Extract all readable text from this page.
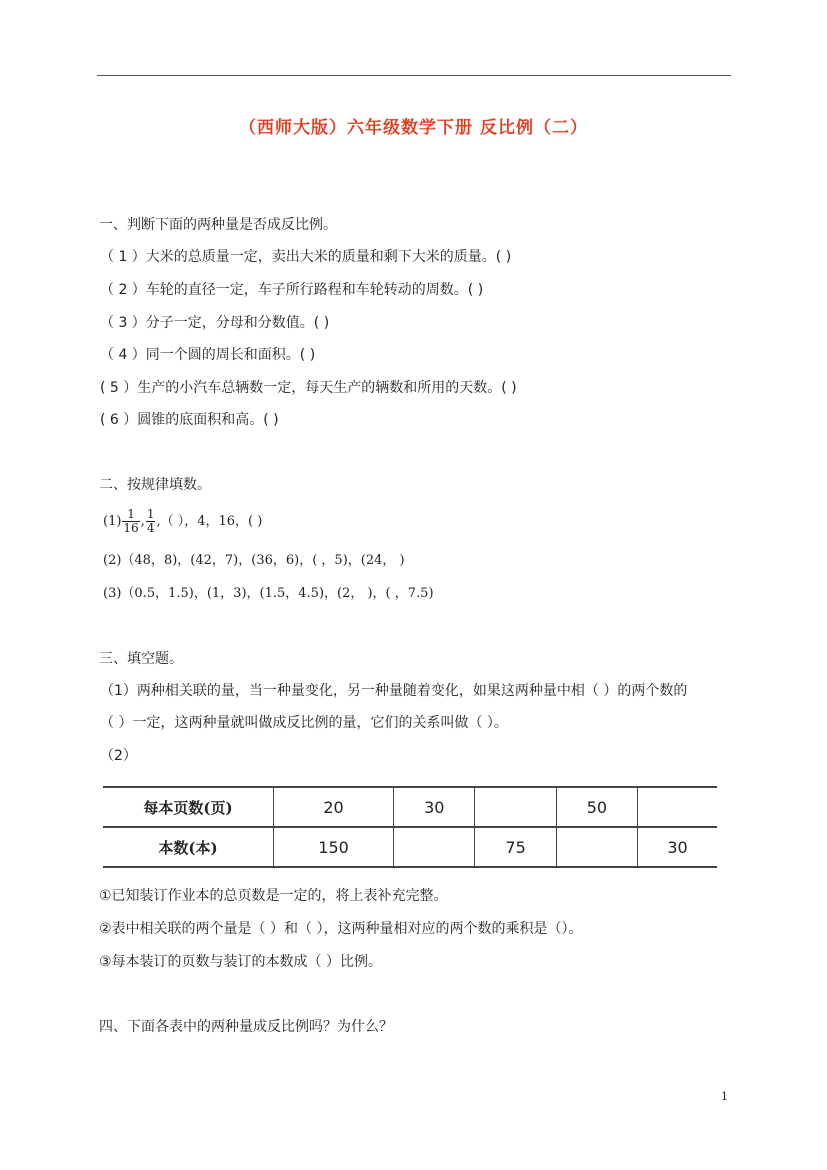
（西师大版）六年级数学下册 反比例（二）
一、判断下面的两种量是否成反比例。
（ 1 ）大米的总质量一定，卖出大米的质量和剩下大米的质量。( )
（ 2 ）车轮的直径一定，车子所行路程和车轮转动的周数。( )
（ 3 ）分子一定，分母和分数值。( )
（ 4 ）同一个圆的周长和面积。( )
( 5 ）生产的小汽车总辆数一定，每天生产的辆数和所用的天数。( )
( 6 ）圆锥的底面积和高。( )
二、按规律填数。
$(1) \frac{1}{16}$ , $\frac{1}{4}$ ,（ ），4，16，( )
(2)（48，8)，(42，7)，(36，6)，( ，5)，(24， )
(3)（0.5，1.5)，(1，3)，(1.5，4.5)，(2， )，( ，7.5)
三、填空题。
（1）两种相关联的量，当一种量变化，另一种量随着变化，如果这两种量中相（ ）的两个数的
（ ）一定，这两种量就叫做成反比例的量，它们的关系叫做（ ）。
（2）
每本页数(页)	20	30		50	
本数(本)	150		75		30
①已知装订作业本的总页数是一定的，将上表补充完整。
②表中相关联的两个量是（ ）和（ ），这两种量相对应的两个数的乘积是（）。
③每本装订的页数与装订的本数成（ ）比例。
四、下面各表中的两种量成反比例吗？为什么？
1
